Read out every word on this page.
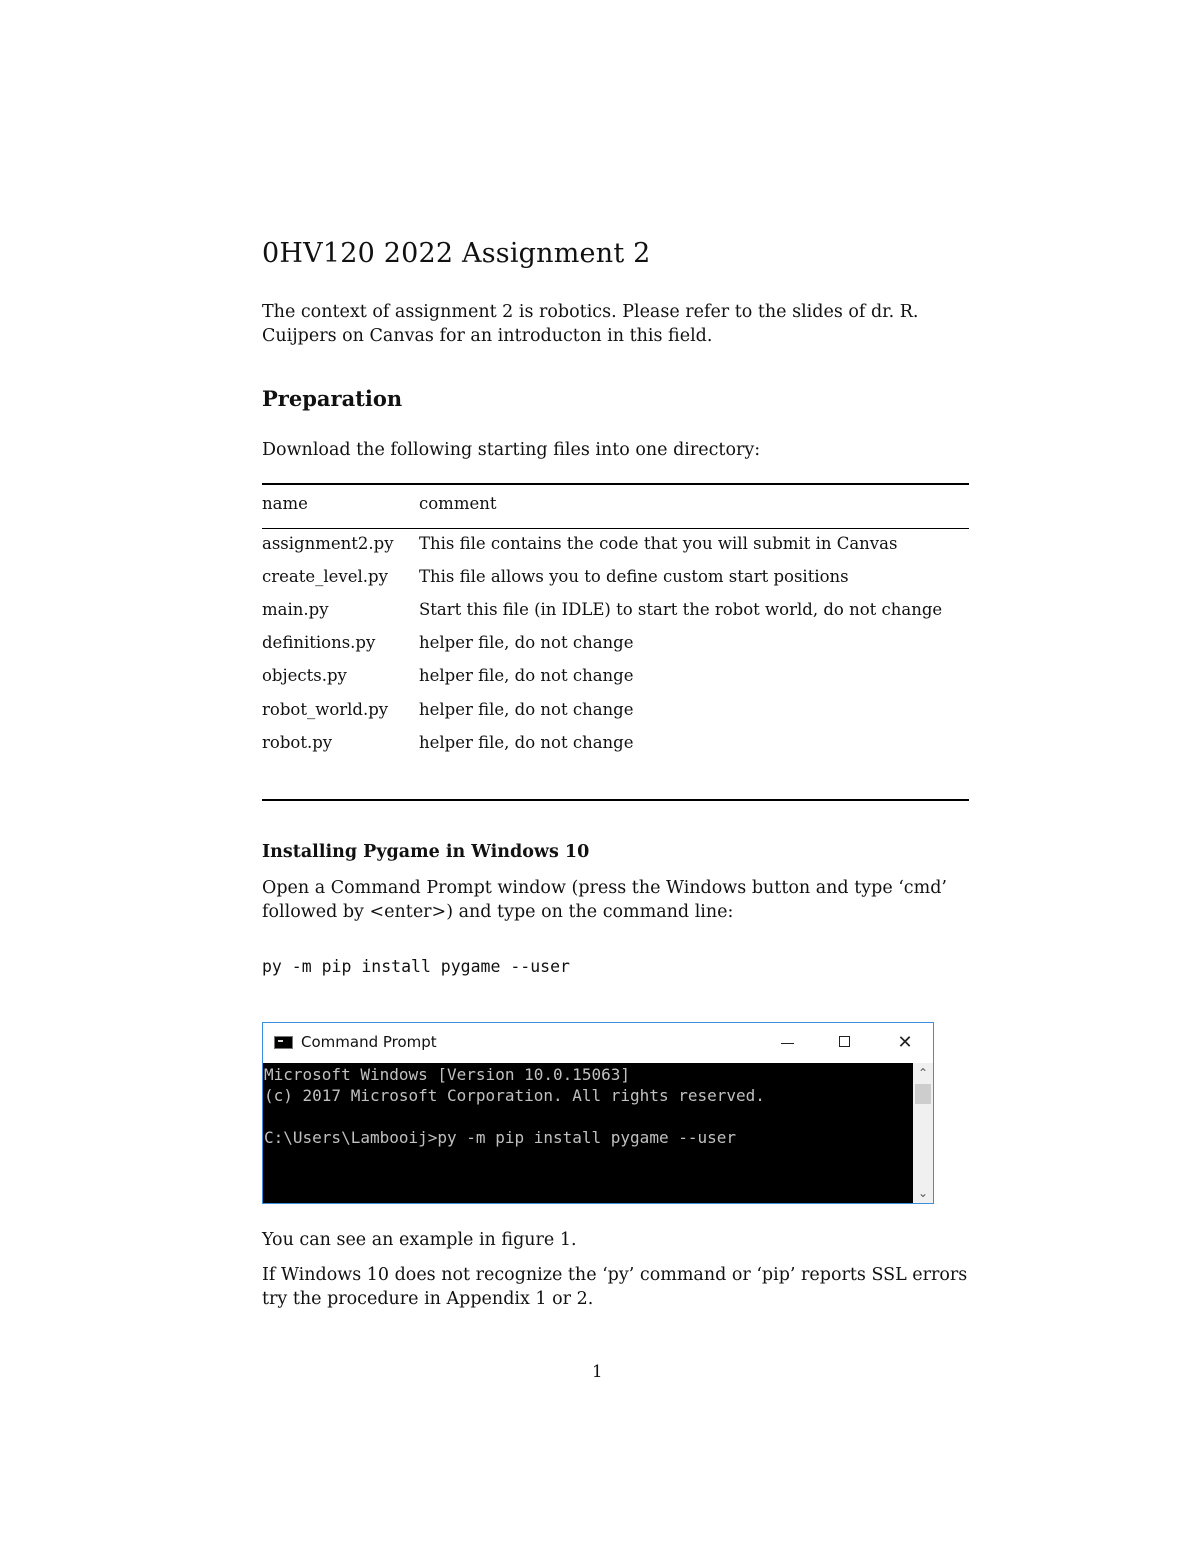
0HV120 2022 Assignment 2
The context of assignment 2 is robotics. Please refer to the slides of dr. R.
Cuijpers on Canvas for an introducton in this field.
Preparation
Download the following starting files into one directory:
name	comment
assignment2.py This file contains the code that you will submit in Canvas
create_level.py This file allows you to define custom start positions
main.py	Start this file (in IDLE) to start the robot world, do not change
definitions.py	helper file, do not change
objects.py	helper file, do not change
robot_world.py helper file, do not change
robot.py	helper file, do not change
Installing Pygame in Windows 10
Open a Command Prompt window (press the Windows button and type ‘cmd’
followed by <enter>) and type on the command line:
py -m pip install pygame --user
Command Prompt	✕
Microsoft Windows [Version 10.0.15063]
(c) 2017 Microsoft Corporation. All rights reserved.
C:\Users\Lambooij>py -m pip install pygame --user
⌃
⌄
You can see an example in figure 1.
If Windows 10 does not recognize the ‘py’ command or ‘pip’ reports SSL errors
try the procedure in Appendix 1 or 2.
1
